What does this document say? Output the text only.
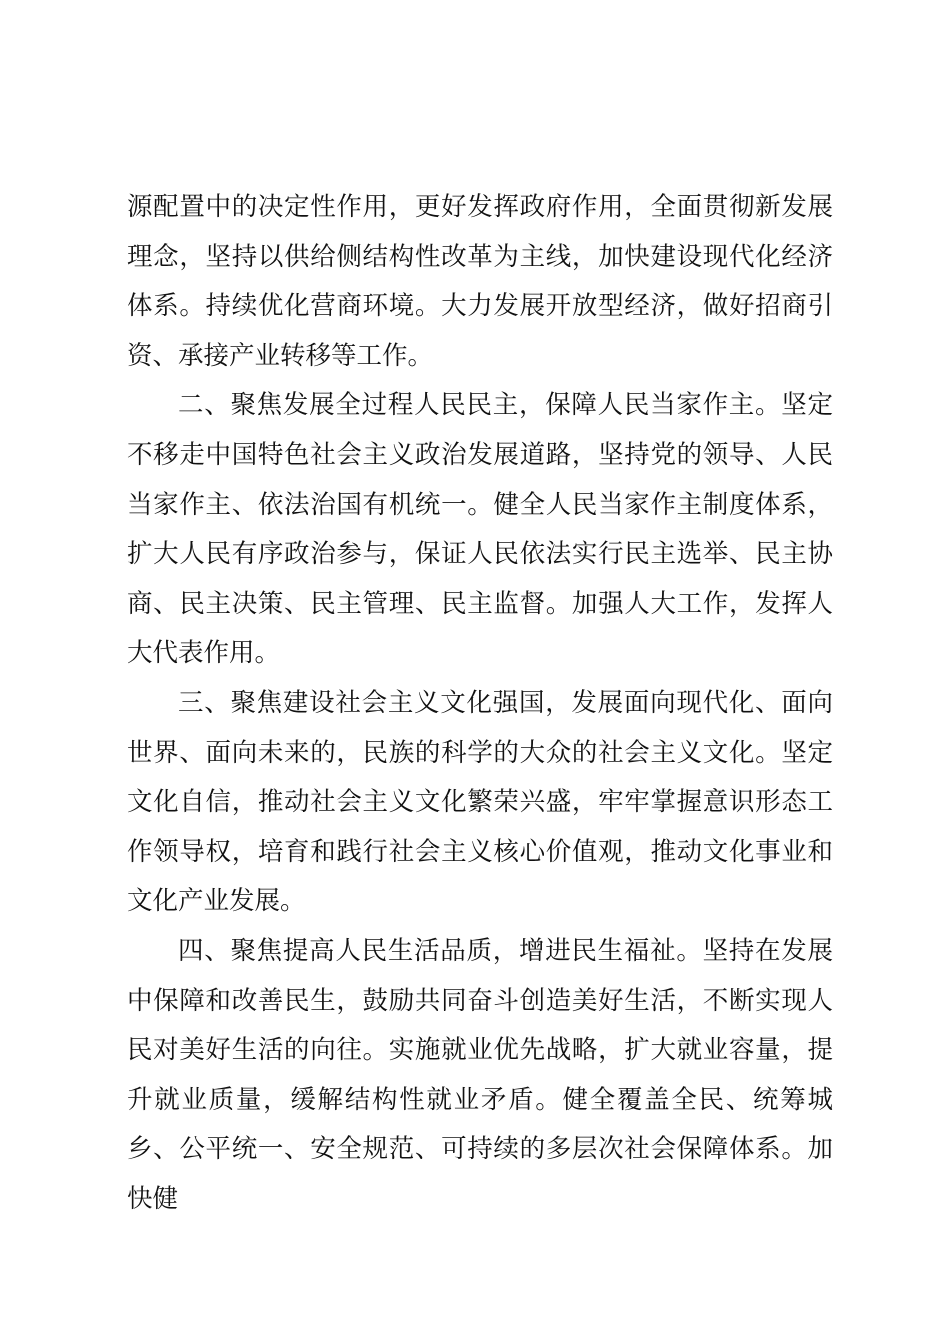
源配置中的决定性作用，更好发挥政府作用，全面贯彻新发展理念，坚持以供给侧结构性改革为主线，加快建设现代化经济体系。持续优化营商环境。大力发展开放型经济，做好招商引资、承接产业转移等工作。

二、聚焦发展全过程人民民主，保障人民当家作主。坚定不移走中国特色社会主义政治发展道路，坚持党的领导、人民当家作主、依法治国有机统一。健全人民当家作主制度体系，扩大人民有序政治参与，保证人民依法实行民主选举、民主协商、民主决策、民主管理、民主监督。加强人大工作，发挥人大代表作用。

三、聚焦建设社会主义文化强国，发展面向现代化、面向世界、面向未来的，民族的科学的大众的社会主义文化。坚定文化自信，推动社会主义文化繁荣兴盛，牢牢掌握意识形态工作领导权，培育和践行社会主义核心价值观，推动文化事业和文化产业发展。

四、聚焦提高人民生活品质，增进民生福祉。坚持在发展中保障和改善民生，鼓励共同奋斗创造美好生活，不断实现人民对美好生活的向往。实施就业优先战略，扩大就业容量，提升就业质量，缓解结构性就业矛盾。健全覆盖全民、统筹城乡、公平统一、安全规范、可持续的多层次社会保障体系。加快健
